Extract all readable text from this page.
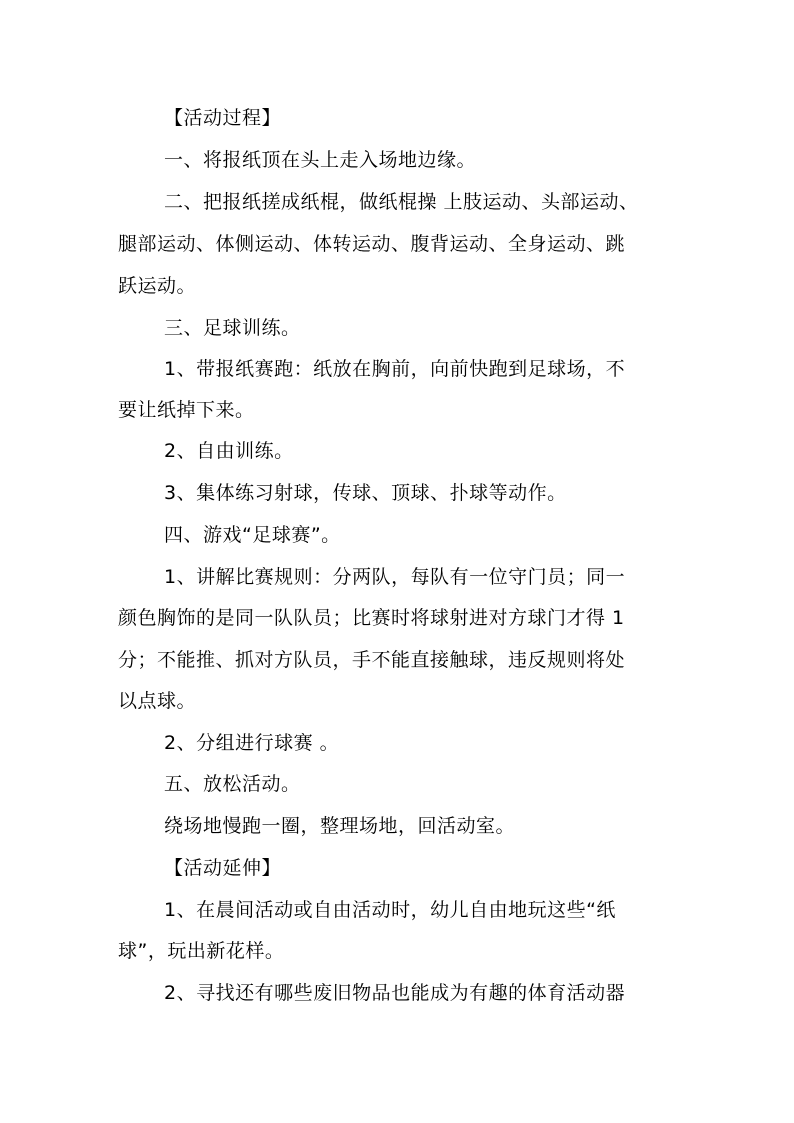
【活动过程】
一、将报纸顶在头上走入场地边缘。
二、把报纸搓成纸棍，做纸棍操 上肢运动、头部运动、
腿部运动、体侧运动、体转运动、腹背运动、全身运动、跳
跃运动。
三、足球训练。
1、带报纸赛跑：纸放在胸前，向前快跑到足球场，不
要让纸掉下来。
2、自由训练。
3、集体练习射球，传球、顶球、扑球等动作。
四、游戏“足球赛”。
1、讲解比赛规则：分两队，每队有一位守门员；同一
颜色胸饰的是同一队队员；比赛时将球射进对方球门才得 1
分；不能推、抓对方队员，手不能直接触球，违反规则将处
以点球。
2、分组进行球赛 。
五、放松活动。
绕场地慢跑一圈，整理场地，回活动室。
【活动延伸】
1、在晨间活动或自由活动时，幼儿自由地玩这些“纸
球”，玩出新花样。
2、寻找还有哪些废旧物品也能成为有趣的体育活动器
